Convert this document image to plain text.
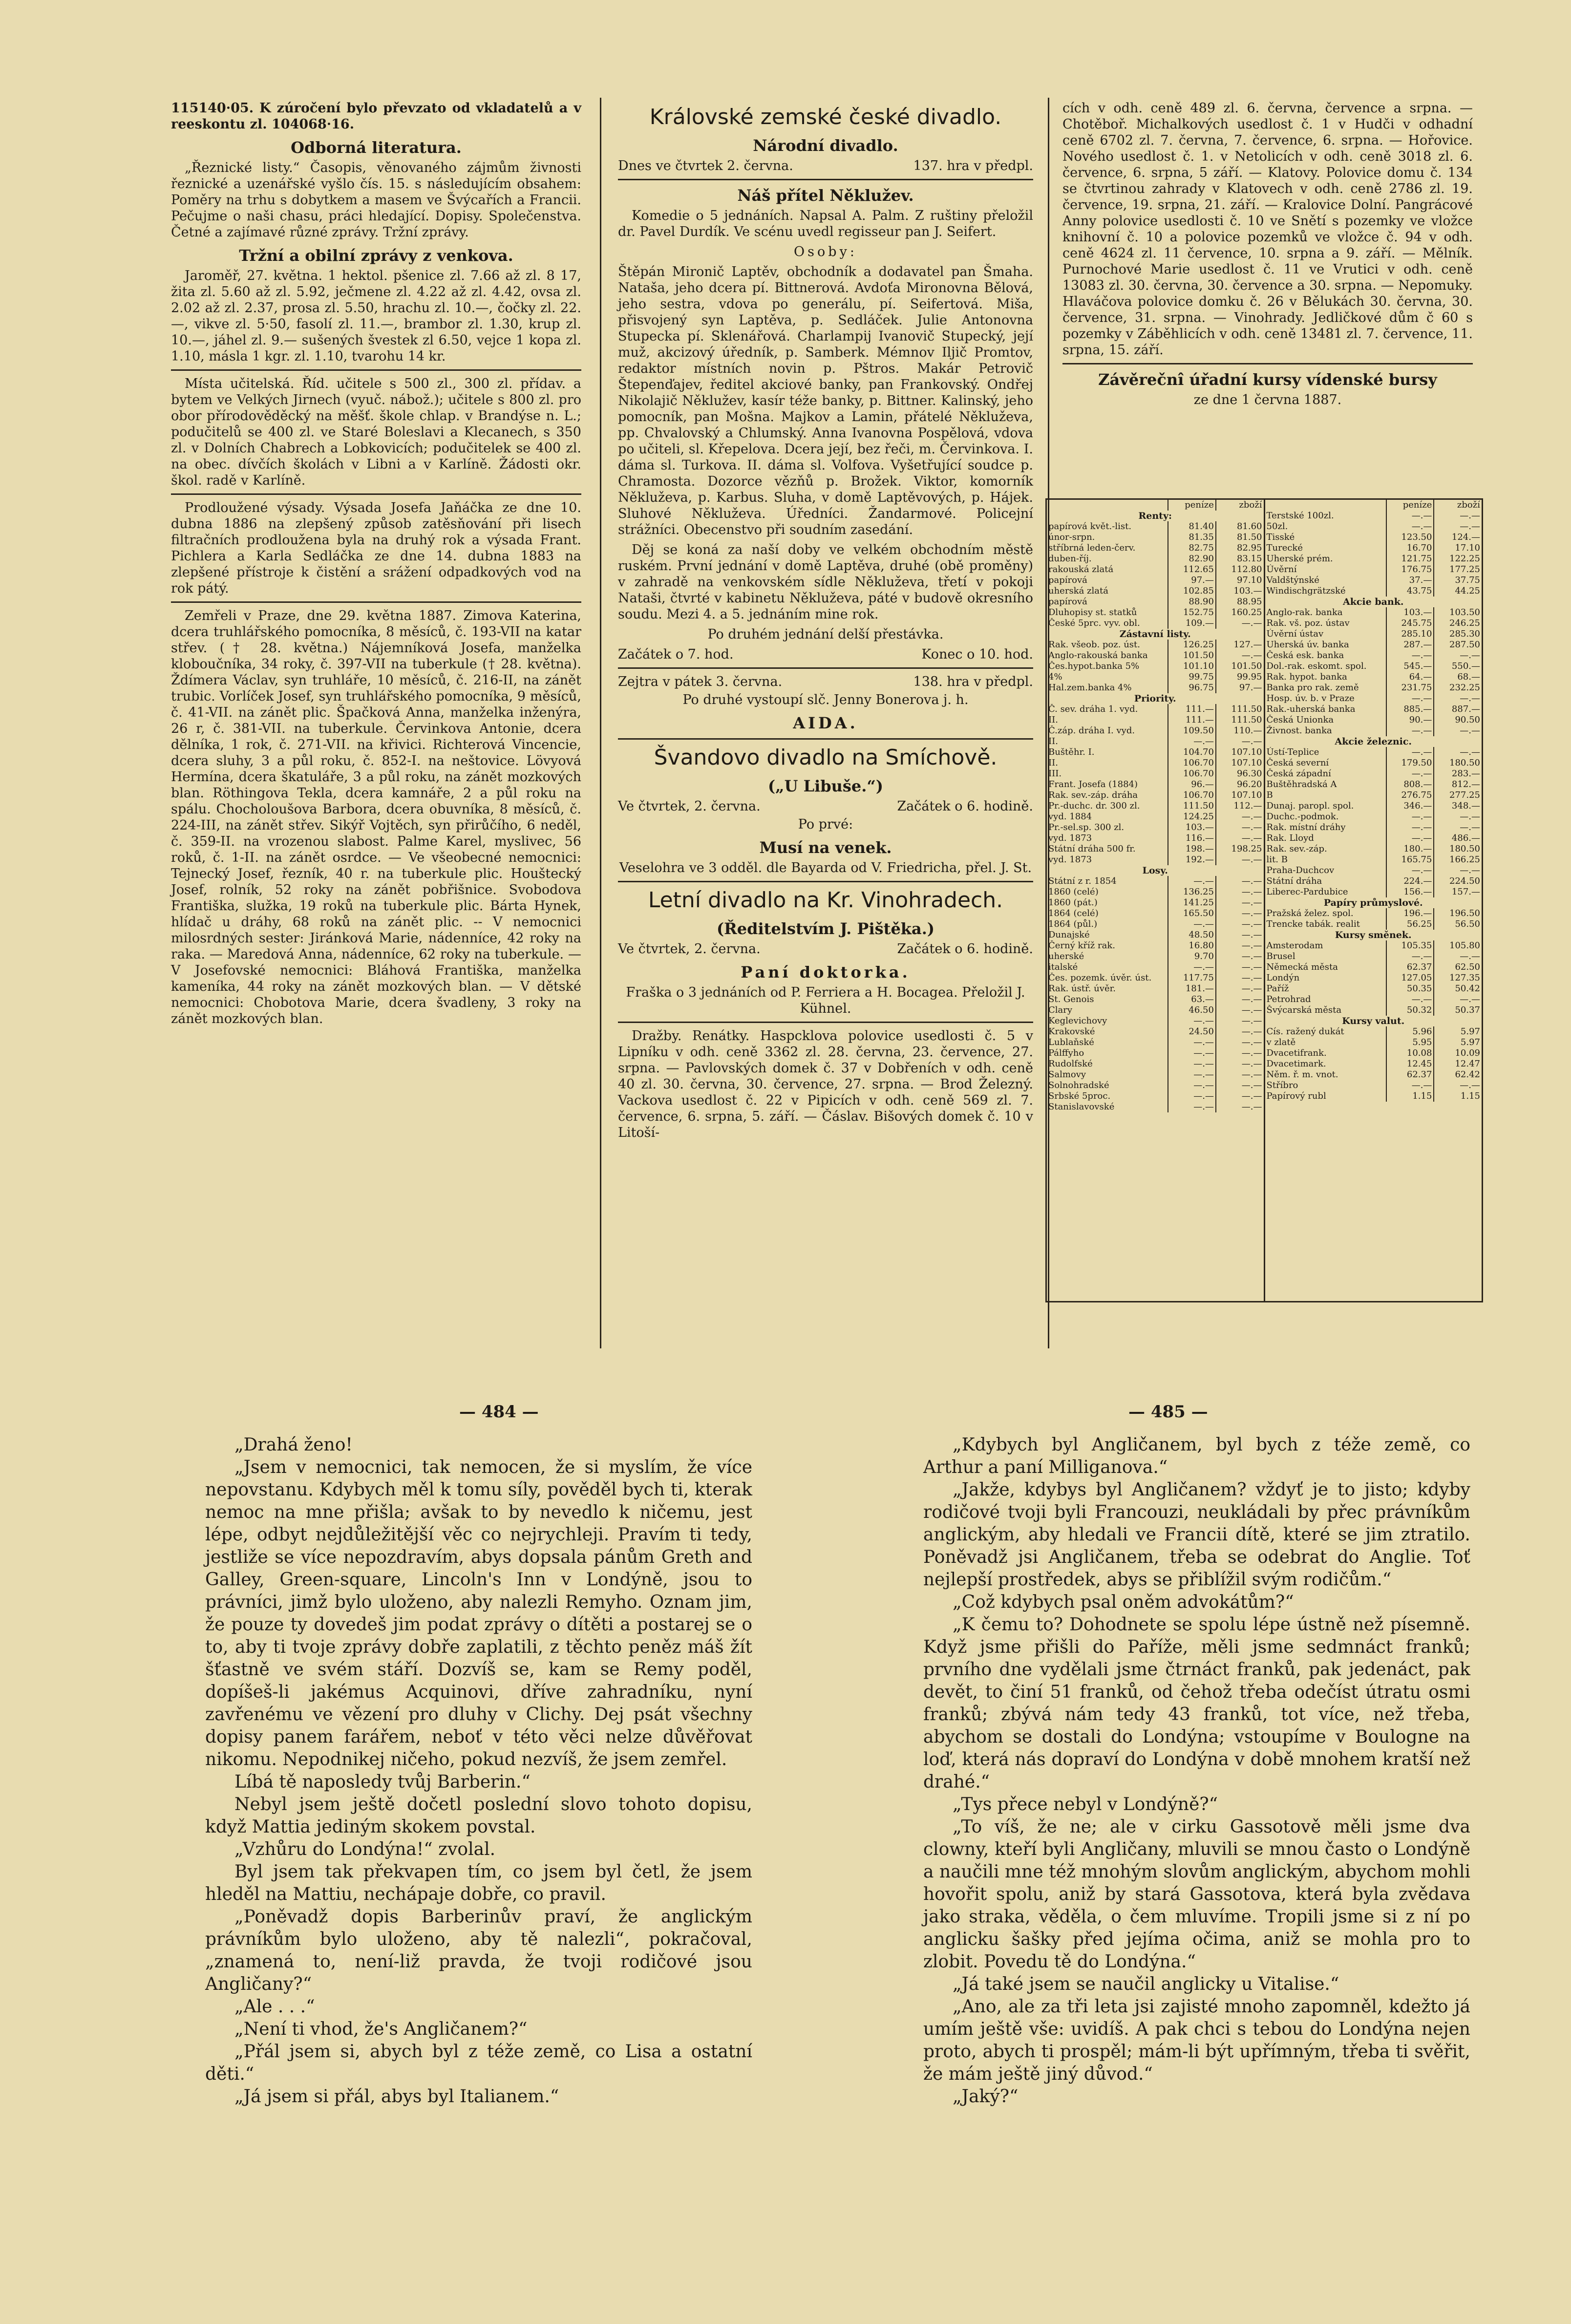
115140·05. K zúročení bylo převzato od vkladatelů a v reeskontu zl. 104068·16.

Odborná literatura.

„Řeznické listy.“ Časopis, věnovaného zájmům živnosti řeznické a uzenářské vyšlo čís. 15. s následujícím obsahem: Poměry na trhu s dobytkem a masem ve Švýcařích a Francii. Pečujme o naši chasu, práci hledající. Dopisy. Společenstva. Četné a zajímavé různé zprávy. Tržní zprávy.

Tržní a obilní zprávy z venkova.

Jaroměř, 27. května. 1 hektol. pšenice zl. 7.66 až zl. 8 17, žita zl. 5.60 až zl. 5.92, ječmene zl. 4.22 až zl. 4.42, ovsa zl. 2.02 až zl. 2.37, prosa zl. 5.50, hrachu zl. 10.—, čočky zl. 22.—, vikve zl. 5·50, fasolí zl. 11.—, brambor zl. 1.30, krup zl. 10.—, jáhel zl. 9.— sušených švestek zl 6.50, vejce 1 kopa zl. 1.10, másla 1 kgr. zl. 1.10, tvarohu 14 kr.

Místa učitelská. Říd. učitele s 500 zl., 300 zl. přídav. a bytem ve Velkých Jirnech (vyuč. nábož.); učitele s 800 zl. pro obor přírodověděcký na měšť. škole chlap. v Brandýse n. L.; podučitelů se 400 zl. ve Staré Boleslavi a Klecanech, s 350 zl. v Dolních Chabrech a Lobkovicích; podučitelek se 400 zl. na obec. dívčích školách v Libni a v Karlíně. Žádosti okr. škol. radě v Karlíně.

Prodloužené výsady. Výsada Josefa Jaňáčka ze dne 10. dubna 1886 na zlepšený způsob zatěsňování při lisech filtračních prodloužena byla na druhý rok a výsada Frant. Pichlera a Karla Sedláčka ze dne 14. dubna 1883 na zlepšené přístroje k čistění a srážení odpadkových vod na rok pátý.

Zemřeli v Praze, dne 29. května 1887. Zimova Katerina, dcera truhlářského pomocníka, 8 měsíců, č. 193-VII na katar střev. († 28. května.) Nájemníková Josefa, manželka kloboučníka, 34 roky, č. 397-VII na tuberkule († 28. května). Ždímera Václav, syn truhláře, 10 měsíců, č. 216-II, na zánět trubic. Vorlíček Josef, syn truhlářského pomocníka, 9 měsíců, č. 41-VII. na zánět plic. Špačková Anna, manželka inženýra, 26 r, č. 381-VII. na tuberkule. Červinkova Antonie, dcera dělníka, 1 rok, č. 271-VII. na křivici. Richterová Vincencie, dcera sluhy, 3 a půl roku, č. 852-I. na neštovice. Lövyová Hermína, dcera škatuláře, 3 a půl roku, na zánět mozkových blan. Röthingova Tekla, dcera kamnáře, 2 a půl roku na spálu. Chocholoušova Barbora, dcera obuvníka, 8 měsíců, č. 224-III, na zánět střev. Sikýř Vojtěch, syn přirůčího, 6 neděl, č. 359-II. na vrozenou slabost. Palme Karel, myslivec, 56 roků, č. 1-II. na zánět osrdce. — Ve všeobecné nemocnici: Tejnecký Josef, řezník, 40 r. na tuberkule plic. Houštecký Josef, rolník, 52 roky na zánět pobřišnice. Svobodova Františka, služka, 19 roků na tuberkule plic. Bárta Hynek, hlídač u dráhy, 68 roků na zánět plic. -- V nemocnici milosrdných sester: Jiránková Marie, nádenníce, 42 roky na raka. — Maredová Anna, nádenníce, 62 roky na tuberkule. — V Josefovské nemocnici: Bláhová Františka, manželka kameníka, 44 roky na zánět mozkových blan. — V dětské nemocnici: Chobotova Marie, dcera švadleny, 3 roky na zánět mozkových blan.

Královské zemské české divadlo.
Národní divadlo.
Dnes ve čtvrtek 2. června.	137. hra v předpl.
Náš přítel Něklužev.

Komedie o 5 jednáních. Napsal A. Palm. Z ruštiny přeložil dr. Pavel Durdík. Ve scénu uvedl regisseur pan J. Seifert.

Osoby:

Štěpán Mironič Laptěv, obchodník a dodavatel pan Šmaha. Nataša, jeho dcera pí. Bittnerová. Avdoťa Mironovna Bělová, jeho sestra, vdova po generálu, pí. Seifertová. Miša, přisvojený syn Laptěva, p. Sedláček. Julie Antonovna Stupecka pí. Sklenářová. Charlampij Ivanovič Stupecký, její muž, akcizový úředník, p. Samberk. Mémnov Iljič Promtov, redaktor místních novin p. Pštros. Makár Petrovič Štepenďajev, ředitel akciové banky, pan Frankovský. Ondřej Nikolajič Něklužev, kasír téže banky, p. Bittner. Kalinský, jeho pomocník, pan Mošna. Majkov a Lamin, přátelé Někluževa, pp. Chvalovský a Chlumský. Anna Ivanovna Pospělová, vdova po učiteli, sl. Křepelova. Dcera její, bez řeči, m. Červinkova. I. dáma sl. Turkova. II. dáma sl. Volfova. Vyšetřující soudce p. Chramosta. Dozorce vězňů p. Brožek. Viktor, komorník Někluževa, p. Karbus. Sluha, v domě Laptěvových, p. Hájek. Sluhové Někluževa. Úředníci. Žandarmové. Policejní strážníci. Obecenstvo při soudním zasedání.

Děj se koná za naší doby ve velkém obchodním městě ruském. První jednání v domě Laptěva, druhé (obě proměny) v zahradě na venkovském sídle Někluževa, třetí v pokoji Nataši, čtvrté v kabinetu Někluževa, páté v budově okresního soudu. Mezi 4. a 5. jednáním mine rok.

Po druhém jednání delší přestávka.

Začátek o 7. hod.	Konec o 10. hod.
Zejtra v pátek 3. června.	138. hra v předpl.

Po druhé vystoupí slč. Jenny Bonerova j. h.

AIDA.
Švandovo divadlo na Smíchově.
(„U Libuše.“)
Ve čtvrtek, 2. června.	Začátek o 6. hodině.

Po prvé:

Musí na venek.

Veselohra ve 3 odděl. dle Bayarda od V. Friedricha, přel. J. St.

Letní divadlo na Kr. Vinohradech.
(Ředitelstvím J. Pištěka.)
Ve čtvrtek, 2. června.	Začátek o 6. hodině.
Paní doktorka.

Fraška o 3 jednáních od P. Ferriera a H. Bocagea. Přeložil J. Kühnel.

Dražby. Renátky. Haspcklova polovice usedlosti č. 5 v Lipníku v odh. ceně 3362 zl. 28. června, 23. července, 27. srpna. — Pavlovských domek č. 37 v Dobřeních v odh. ceně 40 zl. 30. června, 30. července, 27. srpna. — Brod Železný. Vackova usedlost č. 22 v Pipicích v odh. ceně 569 zl. 7. července, 6. srpna, 5. září. — Čáslav. Bišových domek č. 10 v Litoší-

cích v odh. ceně 489 zl. 6. června, července a srpna. — Chotěboř. Michalkových usedlost č. 1 v Hudči v odhadní ceně 6702 zl. 7. června, 7. července, 6. srpna. — Hořovice. Nového usedlost č. 1. v Netolicích v odh. ceně 3018 zl. 6. července, 6. srpna, 5 září. — Klatovy. Polovice domu č. 134 se čtvrtinou zahrady v Klatovech v odh. ceně 2786 zl. 19. července, 19. srpna, 21. září. — Kralovice Dolní. Pangrácové Anny polovice usedlosti č. 10 ve Snětí s pozemky ve vložce knihovní č. 10 a polovice pozemků ve vložce č. 94 v odh. ceně 4624 zl. 11 července, 10. srpna a 9. září. — Mělník. Purnochové Marie usedlost č. 11 ve Vrutici v odh. ceně 13083 zl. 30. června, 30. července a 30. srpna. — Nepomuky. Hlaváčova polovice domku č. 26 v Bělukách 30. června, 30. července, 31. srpna. — Vinohrady. Jedličkové dům č 60 s pozemky v Záběhlicích v odh. ceně 13481 zl. 7. července, 11. srpna, 15. září.

Závěrečnî úřadní kursy vídenské bursy

ze dne 1 června 1887.

	peníze	zboží
Renty:		
papírová květ.-list.	81.40	81.60
únor-srpn.	81.35	81.50
stříbrná leden-červ.	82.75	82.95
duben-říj.	82.90	83.15
rakouská zlatá	112.65	112.80
papírová	97.—	97.10
uherská zlatá	102.85	103.—
papírová	88.90	88.95
Dluhopisy st. statků	152.75	160.25
České 5prc. vyv. obl.	109.—	—.—
Zástavní listy.		
Rak. všeob. poz. úst.	126.25	127.—
Anglo-rakouská banka	101.50	—.—
Čes.hypot.banka 5%	101.10	101.50
4%	99.75	99.95
Hal.zem.banka 4%	96.75	97.—
Priority.		
Č. sev. dráha 1. vyd.	111.—	111.50
II.	111.—	111.50
Č.záp. dráha I. vyd.	109.50	110.—
II.	—.—	—.—
Buštěhr. I.	104.70	107.10
II.	106.70	107.10
III.	106.70	96.30
Frant. Josefa (1884)	96.—	96.20
Rak. sev.-záp. dráha	106.70	107.10
Pr.-duchc. dr. 300 zl.	111.50	112.—
vyd. 1884	124.25	—.—
Pr.-sel.sp. 300 zl.	103.—	—.—
vyd. 1873	116.—	—.—
Státní dráha 500 fr.	198.—	198.25
vyd. 1873	192.—	—.—
Losy.		
Státní z r. 1854	—.—	—.—
1860 (celé)	136.25	—.—
1860 (pát.)	141.25	—.—
1864 (celé)	165.50	—.—
1864 (půl.)	—.—	—.—
Dunajské	48.50	—.—
Černý kříž rak.	16.80	—.—
uherské	9.70	—.—
italské	—.—	—.—
Čes. pozemk. úvěr. úst.	117.75	—.—
Rak. ústř. úvěr.	181.—	—.—
St. Genois	63.—	—.—
Clary	46.50	—.—
Keglevichovy	—.—	—.—
Krakovské	24.50	—.—
Lublaňské	—.—	—.—
Pálffyho	—.—	—.—
Rudolfské	—.—	—.—
Salmovy	—.—	—.—
Solnohradské	—.—	—.—
Srbské 5proc.	—.—	—.—
Stanislavovské	—.—	—.—
	peníze	zboží
Terstské 100zl.	—.—	—.—
50zl.	—.—	—.—
Tisské	123.50	124.—
Turecké	16.70	17.10
Uherské prém.	121.75	122.25
Úvěrní	176.75	177.25
Valdštýnské	37.—	37.75
Windischgrätzské	43.75	44.25
Akcie bank.		
Anglo-rak. banka	103.—	103.50
Rak. vš. poz. ústav	245.75	246.25
Úvěrní ústav	285.10	285.30
Uherská úv. banka	287.—	287.50
Česká esk. banka	—.—	—.—
Dol.-rak. eskomt. spol.	545.—	550.—
Rak. hypot. banka	64.—	68.—
Banka pro rak. země	231.75	232.25
Hosp. úv. b. v Praze	—.—	—.—
Rak.-uherská banka	885.—	887.—
Česká Unionka	90.—	90.50
Živnost. banka	—.—	—.—
Akcie železnic.		
Ústí-Teplice	—.—	—.—
Česká severní	179.50	180.50
Česká západní	—.—	283.—
Buštěhradská A	808.—	812.—
B	276.75	277.25
Dunaj. paropl. spol.	346.—	348.—
Duchc.-podmok.	—.—	—.—
Rak. místní dráhy	—.—	—.—
Rak. Lloyd	—.—	486.—
Rak. sev.-záp.	180.—	180.50
lit. B	165.75	166.25
Praha-Duchcov	—.—	—.—
Státní dráha	224.—	224.50
Liberec-Pardubice	156.—	157.—
Papíry průmyslové.		
Pražská želez. spol.	196.—	196.50
Trencke tabák. realit	56.25	56.50
Kursy směnek.		
Amsterodam	105.35	105.80
Brusel	—.—	—.—
Německá města	62.37	62.50
Londýn	127.05	127.35
Paříž	50.35	50.42
Petrohrad	—.—	—.—
Švýcarská města	50.32	50.37
Kursy valut.		
Cís. ražený dukát	5.96	5.97
v zlatě	5.95	5.97
Dvacetifrank.	10.08	10.09
Dvacetimark.	12.45	12.47
Něm. ř. m. vnot.	62.37	62.42
Stříbro	—.—	—.—
Papírový rubl	1.15	1.15
— 484 —	— 485 —

„Drahá ženo!

„Jsem v nemocnici, tak nemocen, že si myslím, že více nepovstanu. Kdybych měl k tomu síly, pověděl bych ti, kterak nemoc na mne přišla; avšak to by nevedlo k ničemu, jest lépe, odbyt nejdůležitější věc co nejrychleji. Pravím ti tedy, jestliže se více nepozdravím, abys dopsala pánům Greth and Galley, Green-square, Lincoln's Inn v Londýně, jsou to právníci, jimž bylo uloženo, aby nalezli Remyho. Oznam jim, že pouze ty dovedeš jim podat zprávy o dítěti a postarej se o to, aby ti tvoje zprávy dobře zaplatili, z těchto peněz máš žít šťastně ve svém stáří. Dozvíš se, kam se Remy poděl, dopíšeš-li jakémus Acquinovi, dříve zahradníku, nyní zavřenému ve vězení pro dluhy v Clichy. Dej psát všechny dopisy panem farářem, neboť v této věci nelze důvěřovat nikomu. Nepodnikej ničeho, pokud nezvíš, že jsem zemřel.

Líbá tě naposledy tvůj Barberin.“

Nebyl jsem ještě dočetl poslední slovo tohoto dopisu, když Mattia jediným skokem povstal.

„Vzhůru do Londýna!“ zvolal.

Byl jsem tak překvapen tím, co jsem byl četl, že jsem hleděl na Mattiu, nechápaje dobře, co pravil.

„Poněvadž dopis Barberinův praví, že anglickým právníkům bylo uloženo, aby tě nalezli“, pokračoval, „znamená to, není-liž pravda, že tvoji rodičové jsou Angličany?“

„Ale . . .“

„Není ti vhod, že's Angličanem?“

„Přál jsem si, abych byl z téže země, co Lisa a ostatní děti.“

„Já jsem si přál, abys byl Italianem.“

„Kdybych byl Angličanem, byl bych z téže země, co Arthur a paní Milliganova.“

„Jakže, kdybys byl Angličanem? vždyť je to jisto; kdyby rodičové tvoji byli Francouzi, neukládali by přec právníkům anglickým, aby hledali ve Francii dítě, které se jim ztratilo. Poněvadž jsi Angličanem, třeba se odebrat do Anglie. Toť nejlepší prostředek, abys se přiblížil svým rodičům.“

„Což kdybych psal oněm advokátům?“

„K čemu to? Dohodnete se spolu lépe ústně než písemně. Když jsme přišli do Paříže, měli jsme sedmnáct franků; prvního dne vydělali jsme čtrnáct franků, pak jedenáct, pak devět, to činí 51 franků, od čehož třeba odečíst útratu osmi franků; zbývá nám tedy 43 franků, tot více, než třeba, abychom se dostali do Londýna; vstoupíme v Boulogne na loď, která nás doprаví do Londýna v době mnohem kratší než drahé.“

„Tys přece nebyl v Londýně?“

„To víš, že ne; ale v cirku Gassotově měli jsme dva clowny, kteří byli Angličany, mluvili se mnou často o Londýně a naučili mne též mnohým slovům anglickým, abychom mohli hovořit spolu, aniž by stará Gassotova, která byla zvědava jako straka, věděla, o čem mluvíme. Tropili jsme si z ní po anglicku šašky před jejíma očima, aniž se mohla pro to zlobit. Povedu tě do Londýna.“

„Já také jsem se naučil anglicky u Vitalise.“

„Ano, ale za tři leta jsi zajisté mnoho zapomněl, kdežto já umím ještě vše: uvidíš. A pak chci s tebou do Londýna nejen proto, abych ti prospěl; mám-li být upřímným, třeba ti svěřit, že mám ještě jiný důvod.“

„Jaký?“
